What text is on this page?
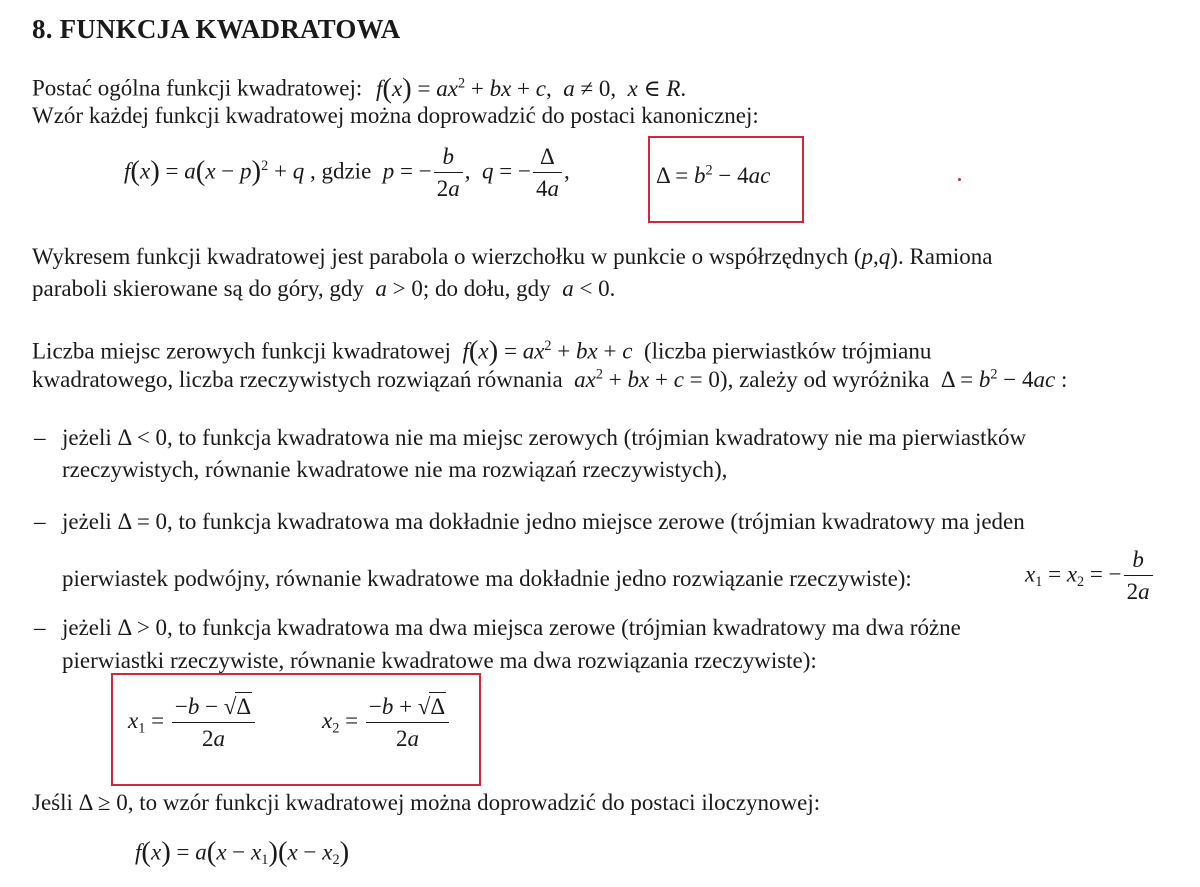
8. FUNKCJA KWADRATOWA
Postać ogólna funkcji kwadratowej: $f(x) = ax^2$ + bx + c,  a ≠ 0,  x ∈ R.
Wzór każdej funkcji kwadratowej można doprowadzić do postaci kanonicznej:
$f(x) = a(x - p)^2 + q$ , gdzie p = − $\frac{b}{2a}$ ,  q = − $\frac{\Delta}{4a}$ ,	$\Delta = b^2 - 4ac$
Wykresem funkcji kwadratowej jest parabola o wierzchołku w punkcie o współrzędnych (p,q). Ramiona
paraboli skierowane są do góry, gdy a > 0; do dołu, gdy a < 0.
Liczba miejsc zerowych funkcji kwadratowej $f(x) = ax^2$ + bx + c (liczba pierwiastków trójmianu
kwadratowego, liczba rzeczywistych rozwiązań równania $ax^2$ + bx + c = 0), zależy od wyróżnika  $\Delta = b^2 - 4ac$ :
– jeżeli Δ < 0, to funkcja kwadratowa nie ma miejsc zerowych (trójmian kwadratowy nie ma pierwiastków
rzeczywistych, równanie kwadratowe nie ma rozwiązań rzeczywistych),
– jeżeli Δ = 0, to funkcja kwadratowa ma dokładnie jedno miejsce zerowe (trójmian kwadratowy ma jeden
pierwiastek podwójny, równanie kwadratowe ma dokładnie jedno rozwiązanie rzeczywiste):	$x_1 = x_2$ = − $\frac{b}{2a}$
– jeżeli Δ > 0, to funkcja kwadratowa ma dwa miejsca zerowe (trójmian kwadratowy ma dwa różne
pierwiastki rzeczywiste, równanie kwadratowe ma dwa rozwiązania rzeczywiste):
$x_1 = \frac{-b - √\Delta}{2a}$	$x_2 = \frac{-b + √\Delta}{2a}$
Jeśli Δ ≥ 0, to wzór funkcji kwadratowej można doprowadzić do postaci iloczynowej:
$f(x) = a(x - x_1)(x - x_2)$
